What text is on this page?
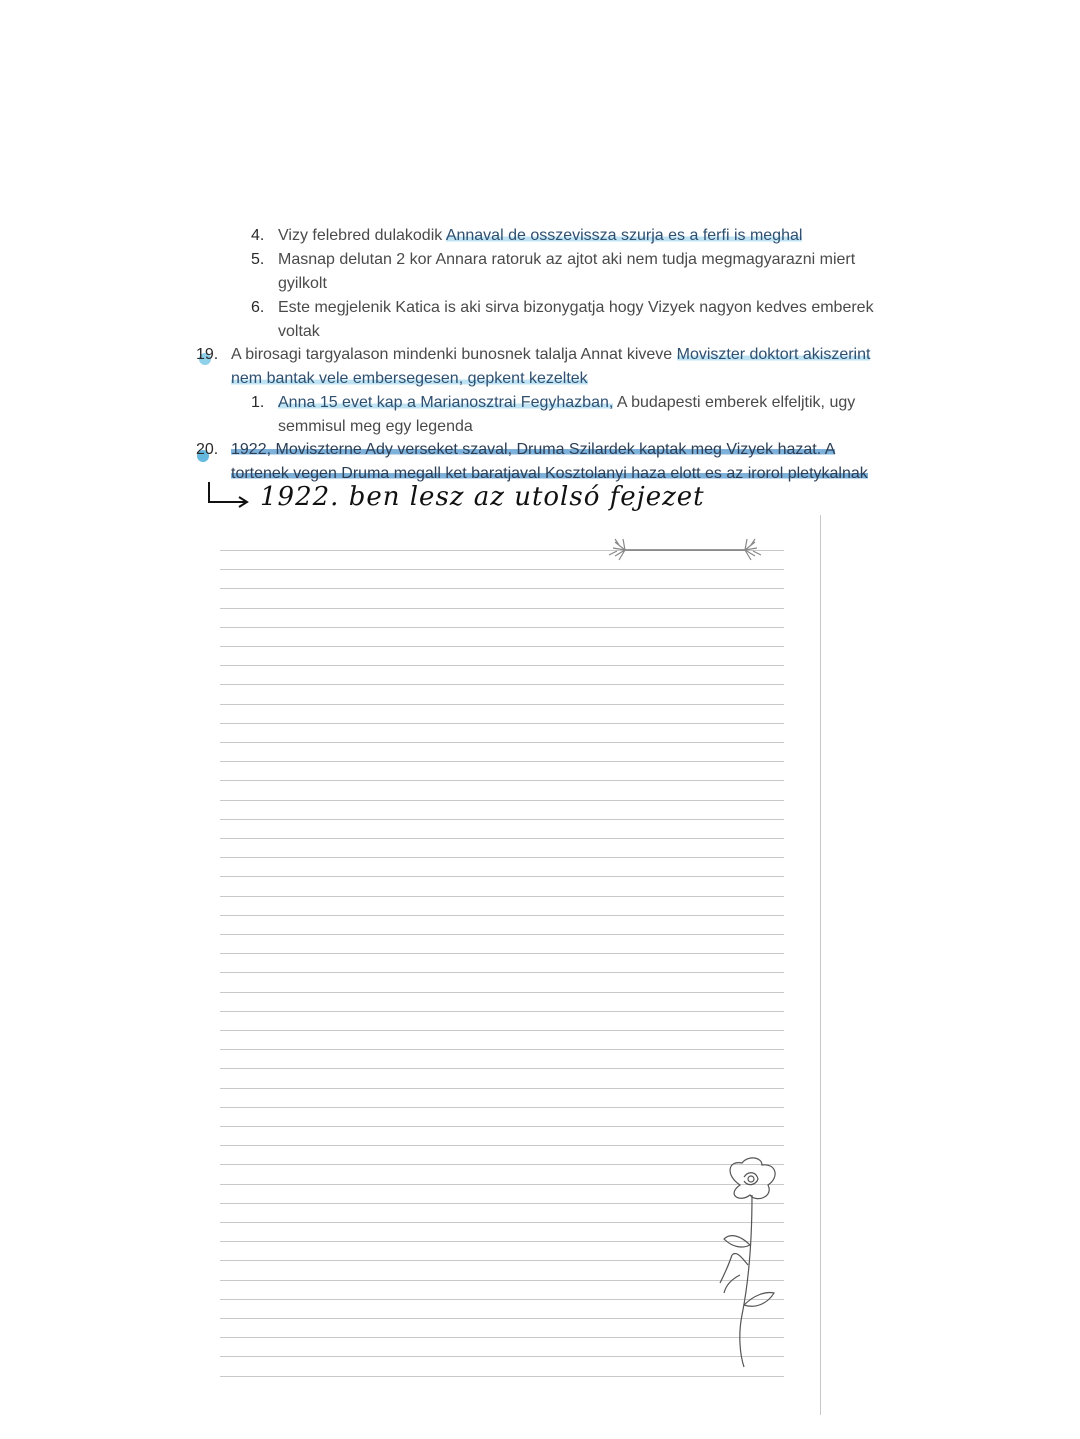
4. Vizy felebred dulakodik Annaval de osszevissza szurja es a ferfi is meghal
5. Masnap delutan 2 kor Annara ratoruk az ajtot aki nem tudja megmagyarazni miert
gyilkolt
6. Este megjelenik Katica is aki sirva bizonygatja hogy Vizyek nagyon kedves emberek
voltak
19. A birosagi targyalason mindenki bunosnek talalja Annat kiveve Moviszter doktort akiszerint
nem bantak vele embersegesen, gepkent kezeltek
1. Anna 15 evet kap a Marianosztrai Fegyhazban, A budapesti emberek elfeljtik, ugy
semmisul meg egy legenda
20. 1922, Moviszterne Ady verseket szaval, Druma Szilardek kaptak meg Vizyek hazat. A
tortenek vegen Druma megall ket baratjaval Kosztolanyi haza elott es az irorol pletykalnak
1922. ben lesz az utolsó fejezet
